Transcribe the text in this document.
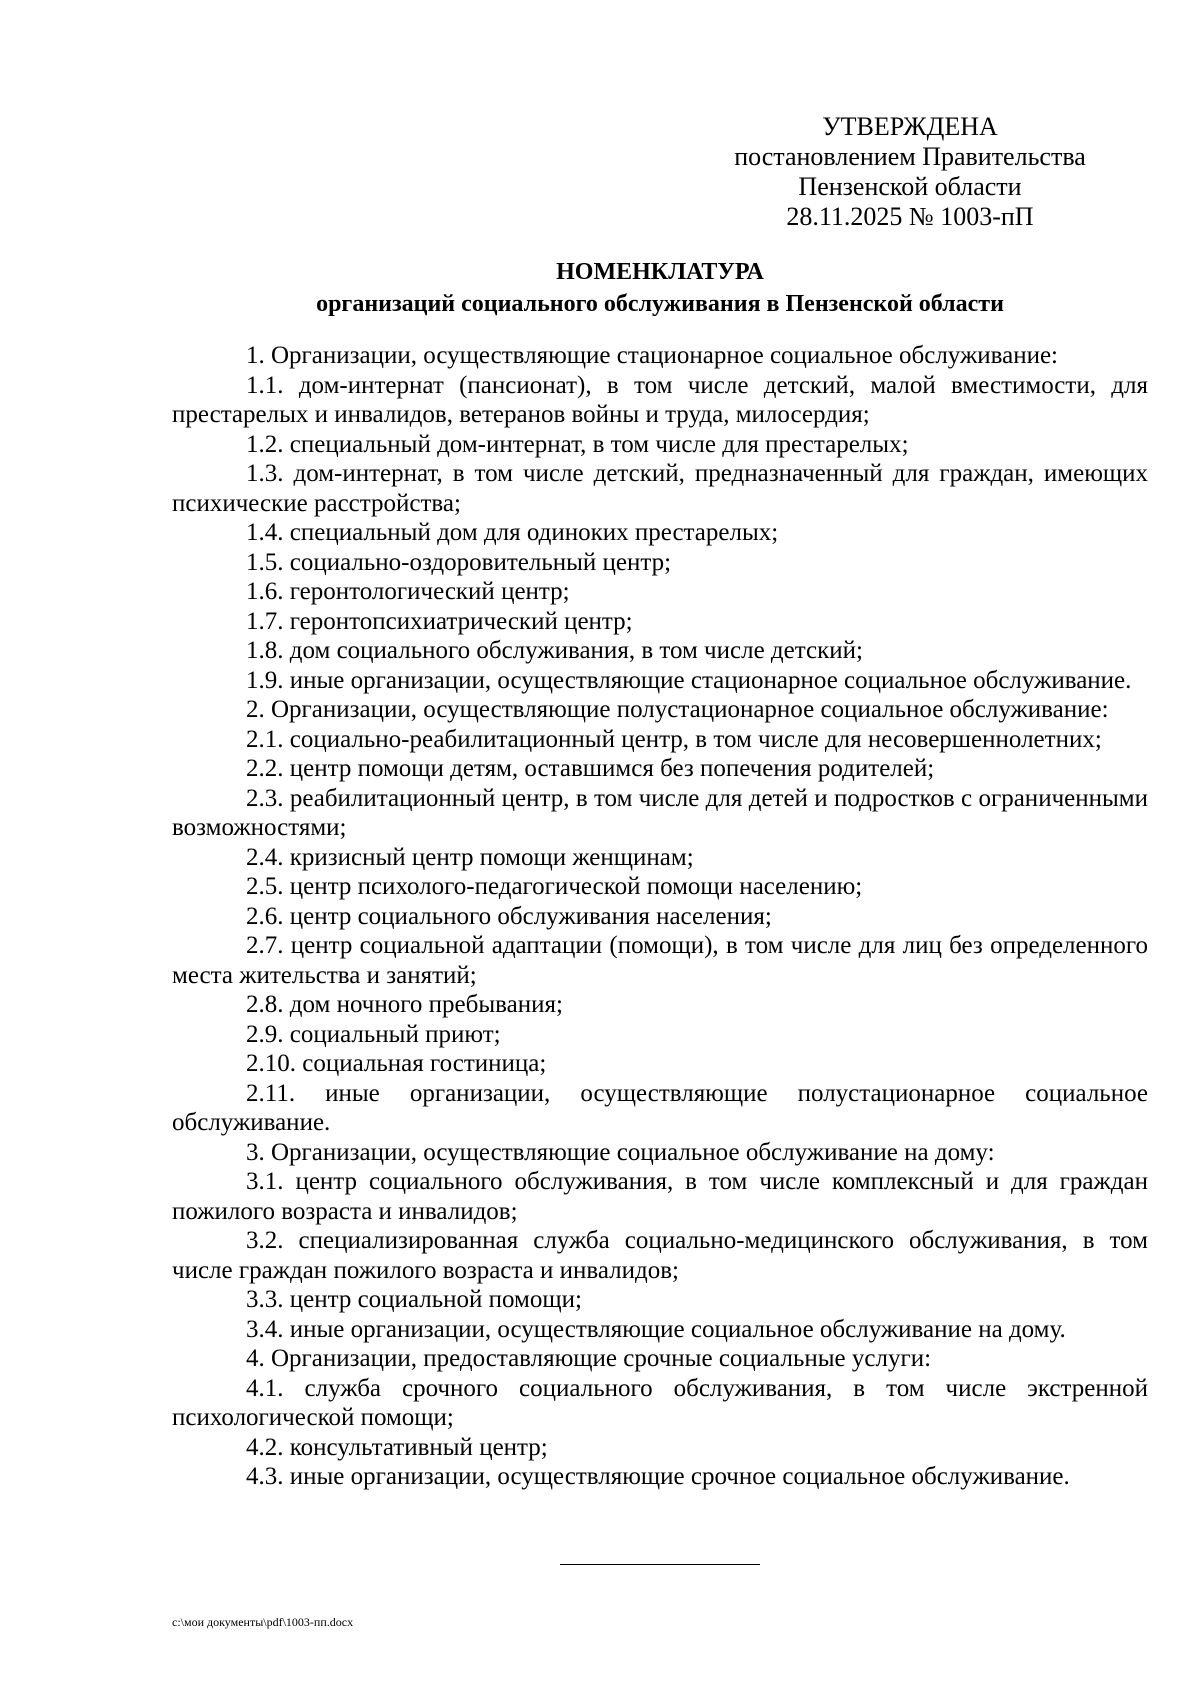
УТВЕРЖДЕНА
постановлением Правительства
Пензенской области
28.11.2025 № 1003-пП
НОМЕНКЛАТУРА
организаций социального обслуживания в Пензенской области

1. Организации, осуществляющие стационарное социальное обслуживание:

1.1. дом-интернат (пансионат), в том числе детский, малой вместимости, для престарелых и инвалидов, ветеранов войны и труда, милосердия;

1.2. специальный дом-интернат, в том числе для престарелых;

1.3. дом-интернат, в том числе детский, предназначенный для граждан, имеющих психические расстройства;

1.4. специальный дом для одиноких престарелых;

1.5. социально-оздоровительный центр;

1.6. геронтологический центр;

1.7. геронтопсихиатрический центр;

1.8. дом социального обслуживания, в том числе детский;

1.9. иные организации, осуществляющие стационарное социальное обслуживание.

2. Организации, осуществляющие полустационарное социальное обслуживание:

2.1. социально-реабилитационный центр, в том числе для несовершеннолетних;

2.2. центр помощи детям, оставшимся без попечения родителей;

2.3. реабилитационный центр, в том числе для детей и подростков с ограниченными возможностями;

2.4. кризисный центр помощи женщинам;

2.5. центр психолого-педагогической помощи населению;

2.6. центр социального обслуживания населения;

2.7. центр социальной адаптации (помощи), в том числе для лиц без определенного места жительства и занятий;

2.8. дом ночного пребывания;

2.9. социальный приют;

2.10. социальная гостиница;

2.11. иные организации, осуществляющие полустационарное социальное обслуживание.

3. Организации, осуществляющие социальное обслуживание на дому:

3.1. центр социального обслуживания, в том числе комплексный и для граждан пожилого возраста и инвалидов;

3.2. специализированная служба социально-медицинского обслуживания, в том числе граждан пожилого возраста и инвалидов;

3.3. центр социальной помощи;

3.4. иные организации, осуществляющие социальное обслуживание на дому.

4. Организации, предоставляющие срочные социальные услуги:

4.1. служба срочного социального обслуживания, в том числе экстренной психологической помощи;

4.2. консультативный центр;

4.3. иные организации, осуществляющие срочное социальное обслуживание.

c:\мои документы\pdf\1003-пп.docx
